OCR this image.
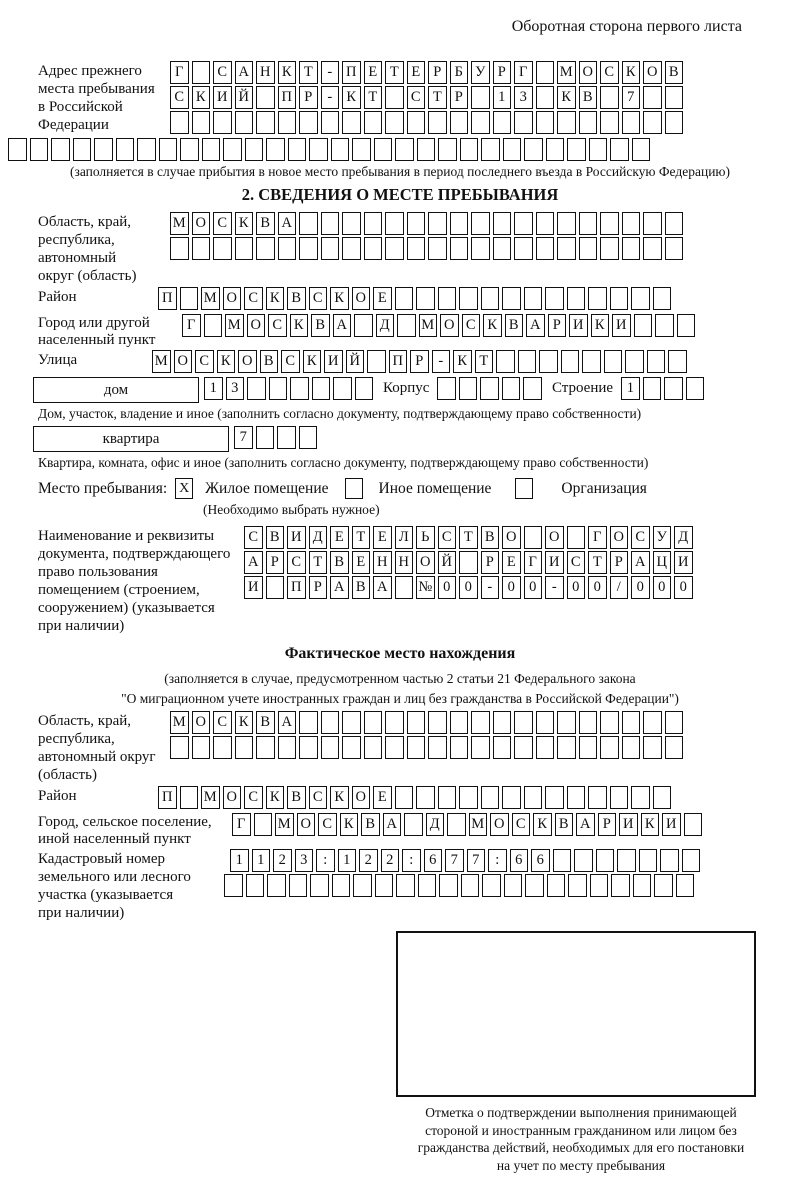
Оборотная сторона первого листа
Адрес прежнего
места пребывания
в Российской
Федерации
Г	С А Н К Т	- П Е Т Е Р Б У Р Г	М О С К О В
С К И Й П Р	- К Т	С Т Р	1 3	К В	7
(заполняется в случае прибытия в новое место пребывания в период последнего въезда в Российскую Федерацию)
2. СВЕДЕНИЯ О МЕСТЕ ПРЕБЫВАНИЯ
Область, край,
республика,
автономный
округ (область)
М О С К В А
Район	П М О С К В С К О Е
Город или другой
населенный пункт
Г	М О С К В А Д М О С К В А Р И К И
Улица	М О С К О В С К И Й П Р	- К Т
дом	1 3	Корпус	Строение 1
Дом, участок, владение и иное (заполнить согласно документу, подтверждающему право собственности)
квартира	7
Квартира, комната, офис и иное (заполнить согласно документу, подтверждающему право собственности)
Место пребывания: X Жилое помещение	Иное помещение	Организация
(Необходимо выбрать нужное)
Наименование и реквизиты
документа, подтверждающего
право пользования
помещением (строением,
сооружением) (указывается
при наличии)
С В И Д Е Т Е Л Ь С Т В О О	Г О С У Д
А Р С Т В Е Н Н О Й	Р Е Г И С Т Р А Ц И
И П Р А В А № 0 0	-	0 0	-	0 0	/	0 0 0
Фактическое место нахождения
(заполняется в случае, предусмотренном частью 2 статьи 21 Федерального закона
"О миграционном учете иностранных граждан и лиц без гражданства в Российской Федерации")
Область, край,
республика,
автономный округ
(область)
М О С К В А
Район	П М О С К В С К О Е
Город, сельское поселение,
иной населенный пункт
Г	М О С К В А Д М О С К В А Р И К И
Кадастровый номер
земельного или лесного
участка (указывается
при наличии)
1 1 2 3	:	1 2 2	:	6 7 7	:	6 6
Отметка о подтверждении выполнения принимающей
стороной и иностранным гражданином или лицом без
гражданства действий, необходимых для его постановки
на учет по месту пребывания
